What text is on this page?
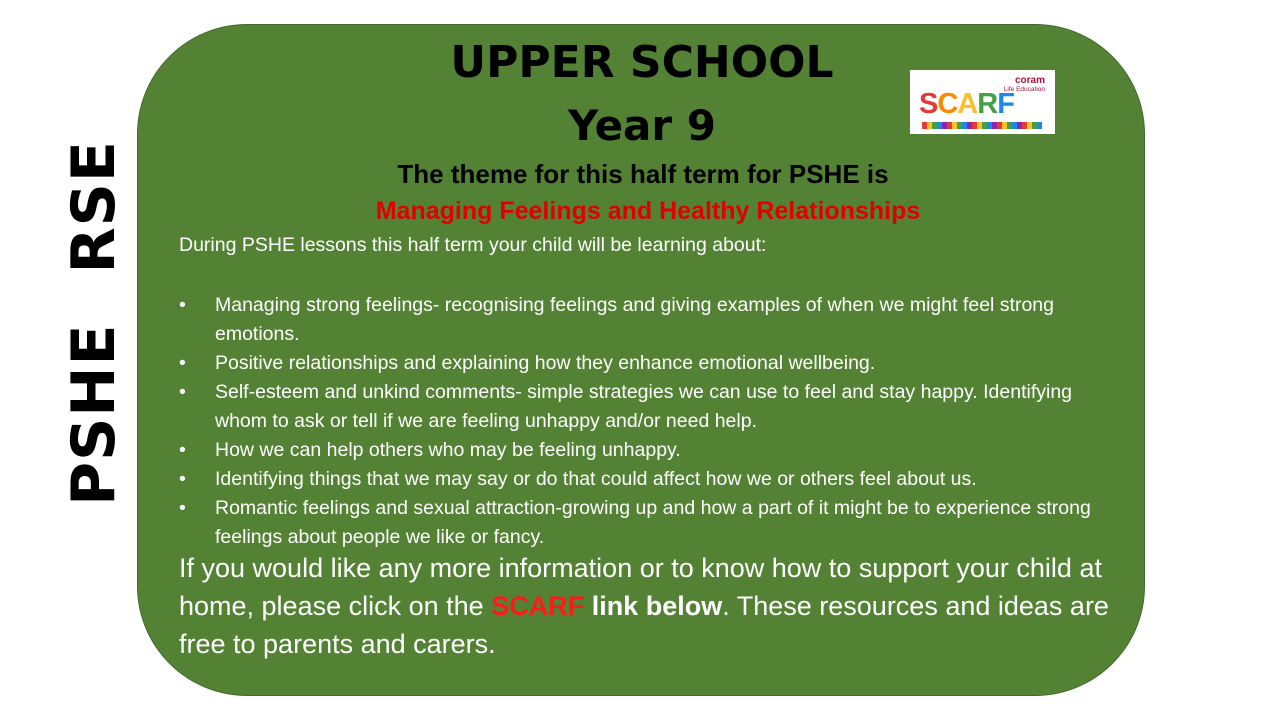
PSHE
RSE
UPPER SCHOOL
Year 9
coram
Life Education
SCARF
The theme for this half term for PSHE is
Managing Feelings and Healthy Relationships
During PSHE lessons this half term your child will be learning about:
• Managing strong feelings- recognising feelings and giving examples of when we might feel strong emotions.
• Positive relationships and explaining how they enhance emotional wellbeing.
• Self-esteem and unkind comments- simple strategies we can use to feel and stay happy. Identifying whom to ask or tell if we are feeling unhappy and/or need help.
• How we can help others who may be feeling unhappy.
• Identifying things that we may say or do that could affect how we or others feel about us.
• Romantic feelings and sexual attraction-growing up and how a part of it might be to experience strong feelings about people we like or fancy.
If you would like any more information or to know how to support your child at home, please click on the SCARF link below. These resources and ideas are free to parents and carers.
